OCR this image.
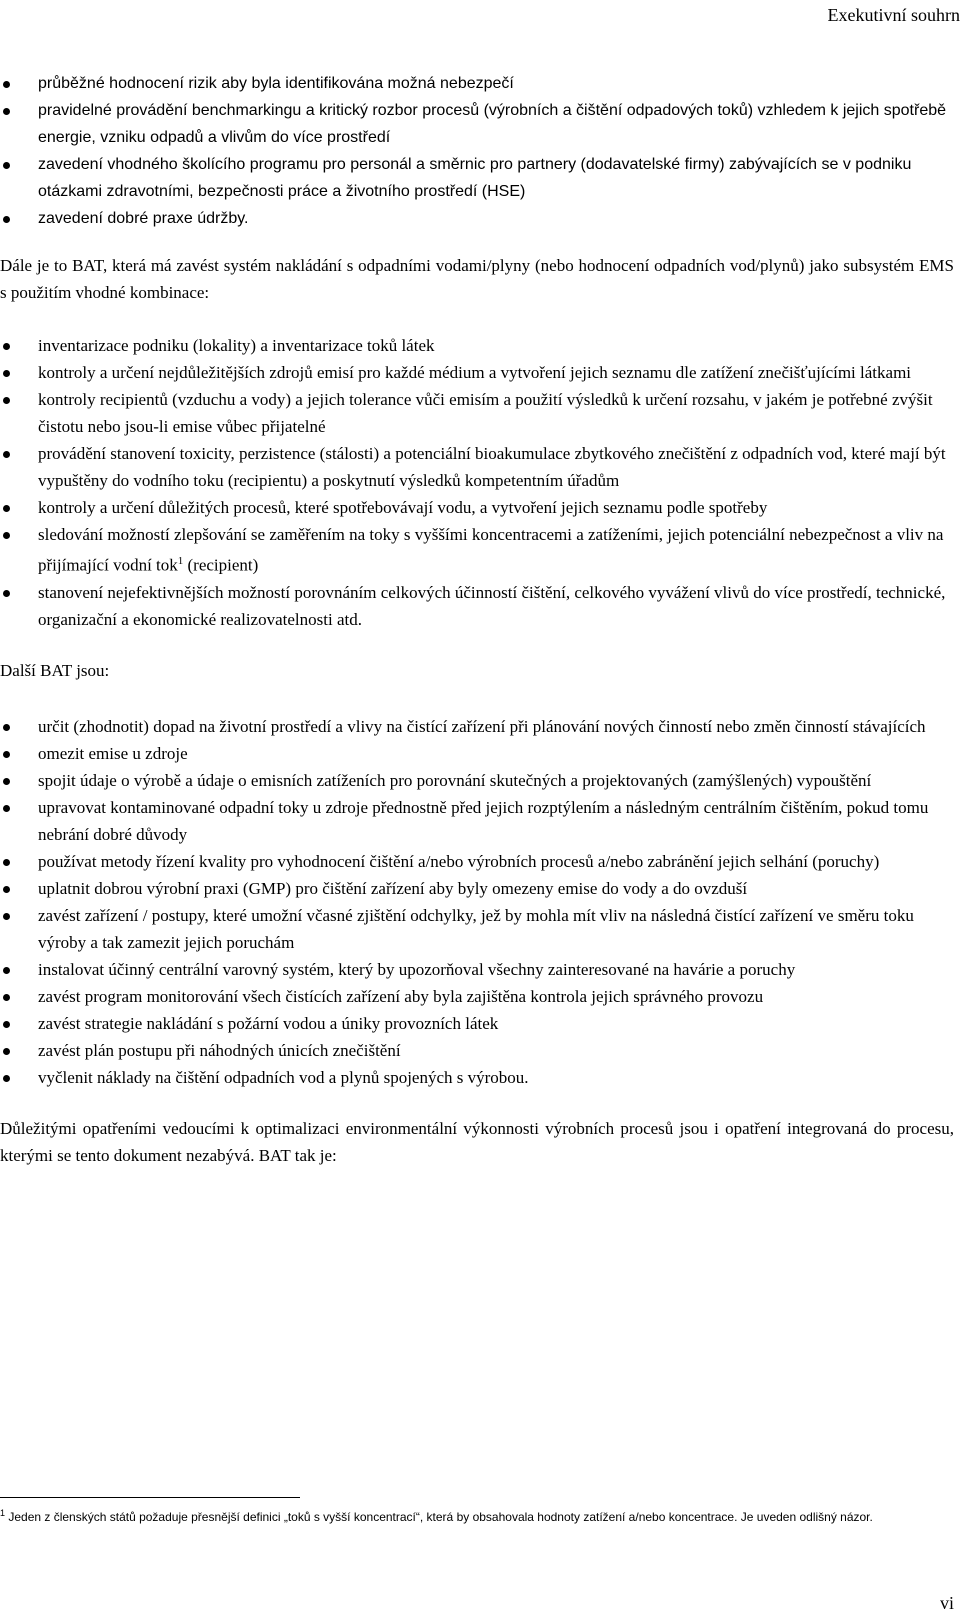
Exekutivní souhrn
průběžné hodnocení rizik aby byla identifikována možná nebezpečí
pravidelné provádění benchmarkingu a kritický rozbor procesů (výrobních a čištění odpadových toků) vzhledem k jejich spotřebě energie, vzniku odpadů a vlivům do více prostředí
zavedení vhodného školícího programu pro personál a směrnic pro partnery (dodavatelské firmy) zabývajících se v podniku otázkami zdravotními, bezpečnosti práce a životního prostředí (HSE)
zavedení dobré praxe údržby.

Dále je to BAT, která má zavést systém nakládání s odpadními vodami/plyny (nebo hodnocení odpadních vod/plynů) jako subsystém EMS s použitím vhodné kombinace:

inventarizace podniku (lokality) a inventarizace toků látek
kontroly a určení nejdůležitějších zdrojů emisí pro každé médium a vytvoření jejich seznamu dle zatížení znečišťujícími látkami
kontroly recipientů (vzduchu a vody) a jejich tolerance vůči emisím a použití výsledků k určení rozsahu, v jakém je potřebné zvýšit čistotu nebo jsou-li emise vůbec přijatelné
provádění stanovení toxicity, perzistence (stálosti) a potenciální bioakumulace zbytkového znečištění z odpadních vod, které mají být vypuštěny do vodního toku (recipientu) a poskytnutí výsledků kompetentním úřadům
kontroly a určení důležitých procesů, které spotřebovávají vodu, a vytvoření jejich seznamu podle spotřeby
sledování možností zlepšování se zaměřením na toky s vyššími koncentracemi a zatíženími, jejich potenciální nebezpečnost a vliv na přijímající vodní tok$^1$ (recipient)
stanovení nejefektivnějších možností porovnáním celkových účinností čištění, celkového vyvážení vlivů do více prostředí, technické, organizační a ekonomické realizovatelnosti atd.

Další BAT jsou:

určit (zhodnotit) dopad na životní prostředí a vlivy na čistící zařízení při plánování nových činností nebo změn činností stávajících
omezit emise u zdroje
spojit údaje o výrobě a údaje o emisních zatíženích pro porovnání skutečných a projektovaných (zamýšlených) vypouštění
upravovat kontaminované odpadní toky u zdroje přednostně před jejich rozptýlením a následným centrálním čištěním, pokud tomu nebrání dobré důvody
používat metody řízení kvality pro vyhodnocení čištění a/nebo výrobních procesů a/nebo zabránění jejich selhání (poruchy)
uplatnit dobrou výrobní praxi (GMP) pro čištění zařízení aby byly omezeny emise do vody a do ovzduší
zavést zařízení / postupy, které umožní včasné zjištění odchylky, jež by mohla mít vliv na následná čistící zařízení ve směru toku výroby a tak zamezit jejich poruchám
instalovat účinný centrální varovný systém, který by upozorňoval všechny zainteresované na havárie a poruchy
zavést program monitorování všech čistících zařízení aby byla zajištěna kontrola jejich správného provozu
zavést strategie nakládání s požární vodou a úniky provozních látek
zavést plán postupu při náhodných únicích znečištění
vyčlenit náklady na čištění odpadních vod a plynů spojených s výrobou.

Důležitými opatřeními vedoucími k optimalizaci environmentální výkonnosti výrobních procesů jsou i opatření integrovaná do procesu, kterými se tento dokument nezabývá. BAT tak je:

$^1$ Jeden z členských států požaduje přesnější definici „toků s vyšší koncentrací“, která by obsahovala hodnoty zatížení a/nebo koncentrace. Je uveden odlišný názor.
vi
